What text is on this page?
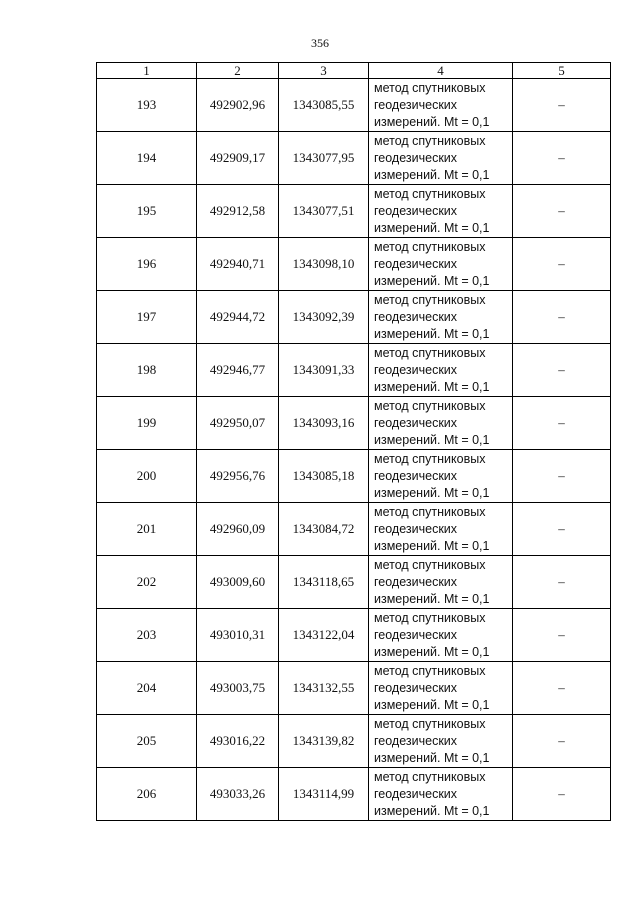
356
1	2	3	4	5
193	492902,96	1343085,55	метод спутниковых
геодезических
измерений. Mt = 0,1	–
194	492909,17	1343077,95	метод спутниковых
геодезических
измерений. Mt = 0,1	–
195	492912,58	1343077,51	метод спутниковых
геодезических
измерений. Mt = 0,1	–
196	492940,71	1343098,10	метод спутниковых
геодезических
измерений. Mt = 0,1	–
197	492944,72	1343092,39	метод спутниковых
геодезических
измерений. Mt = 0,1	–
198	492946,77	1343091,33	метод спутниковых
геодезических
измерений. Mt = 0,1	–
199	492950,07	1343093,16	метод спутниковых
геодезических
измерений. Mt = 0,1	–
200	492956,76	1343085,18	метод спутниковых
геодезических
измерений. Mt = 0,1	–
201	492960,09	1343084,72	метод спутниковых
геодезических
измерений. Mt = 0,1	–
202	493009,60	1343118,65	метод спутниковых
геодезических
измерений. Mt = 0,1	–
203	493010,31	1343122,04	метод спутниковых
геодезических
измерений. Mt = 0,1	–
204	493003,75	1343132,55	метод спутниковых
геодезических
измерений. Mt = 0,1	–
205	493016,22	1343139,82	метод спутниковых
геодезических
измерений. Mt = 0,1	–
206	493033,26	1343114,99	метод спутниковых
геодезических
измерений. Mt = 0,1	–
